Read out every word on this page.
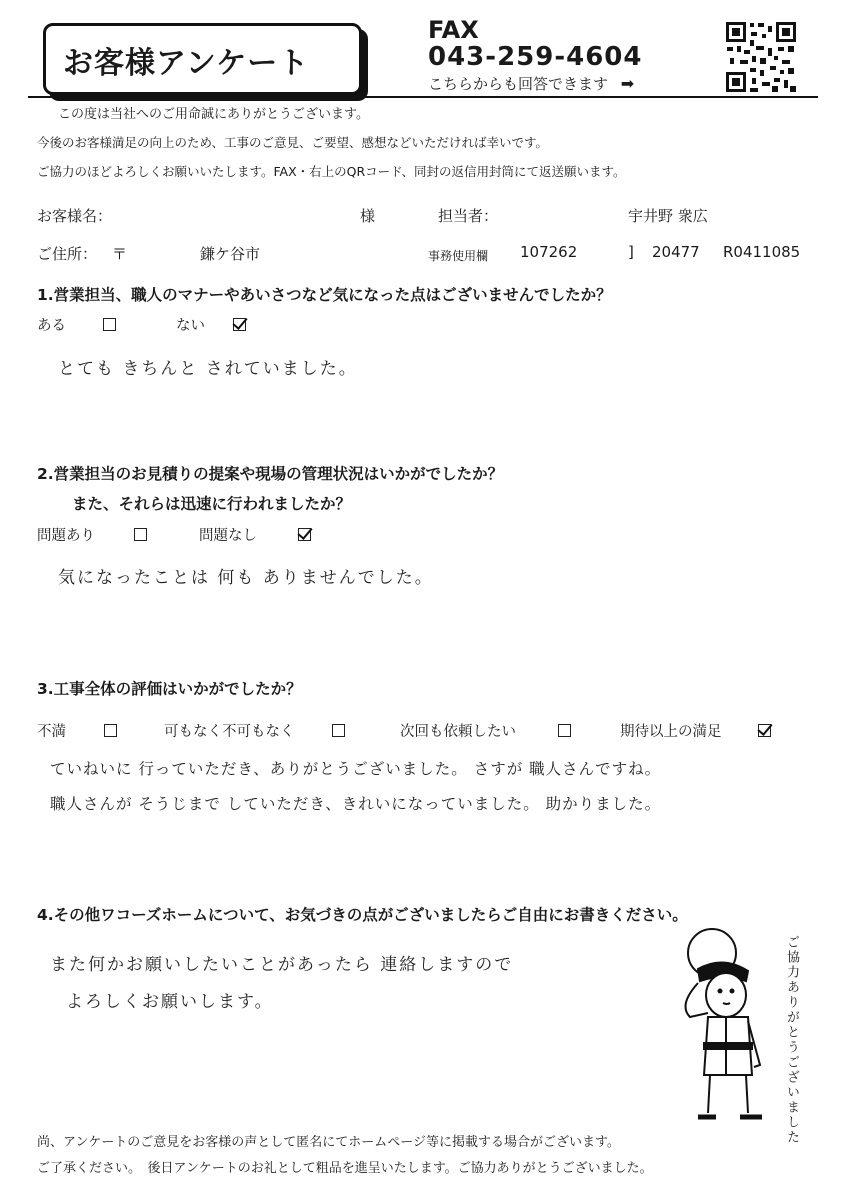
お客様アンケート
FAX
043-259-4604
こちらからも回答できます ➡
この度は当社へのご用命誠にありがとうございます。
今後のお客様満足の向上のため、工事のご意見、ご要望、感想などいただければ幸いです。
ご協力のほどよろしくお願いいたします。FAX・右上のQRコード、同封の返信用封筒にて返送願います。
お客様名：	様	担当者：	宇井野 衆広
ご住所： 〒	鎌ケ谷市	事務使用欄 107262	] 20477 R0411085
1.営業担当、職人のマナーやあいさつなど気になった点はございませんでしたか？
ある	ない
とても きちんと されていました。
2.営業担当のお見積りの提案や現場の管理状況はいかがでしたか？
また、それらは迅速に行われましたか？
問題あり	問題なし
気になったことは 何も ありませんでした。
3.工事全体の評価はいかがでしたか？
不満	可もなく不可もなく	次回も依頼したい	期待以上の満足
ていねいに 行っていただき、ありがとうございました。 さすが 職人さんですね。
職人さんが そうじまで していただき、きれいになっていました。 助かりました。
4.その他ワコーズホームについて、お気づきの点がございましたらご自由にお書きください。
また何かお願いしたいことがあったら 連絡しますので
よろしくお願いします。	ご協力ありがとうございました
尚、アンケートのご意見をお客様の声として匿名にてホームページ等に掲載する場合がございます。
ご了承ください。　後日アンケートのお礼として粗品を進呈いたします。ご協力ありがとうございました。
